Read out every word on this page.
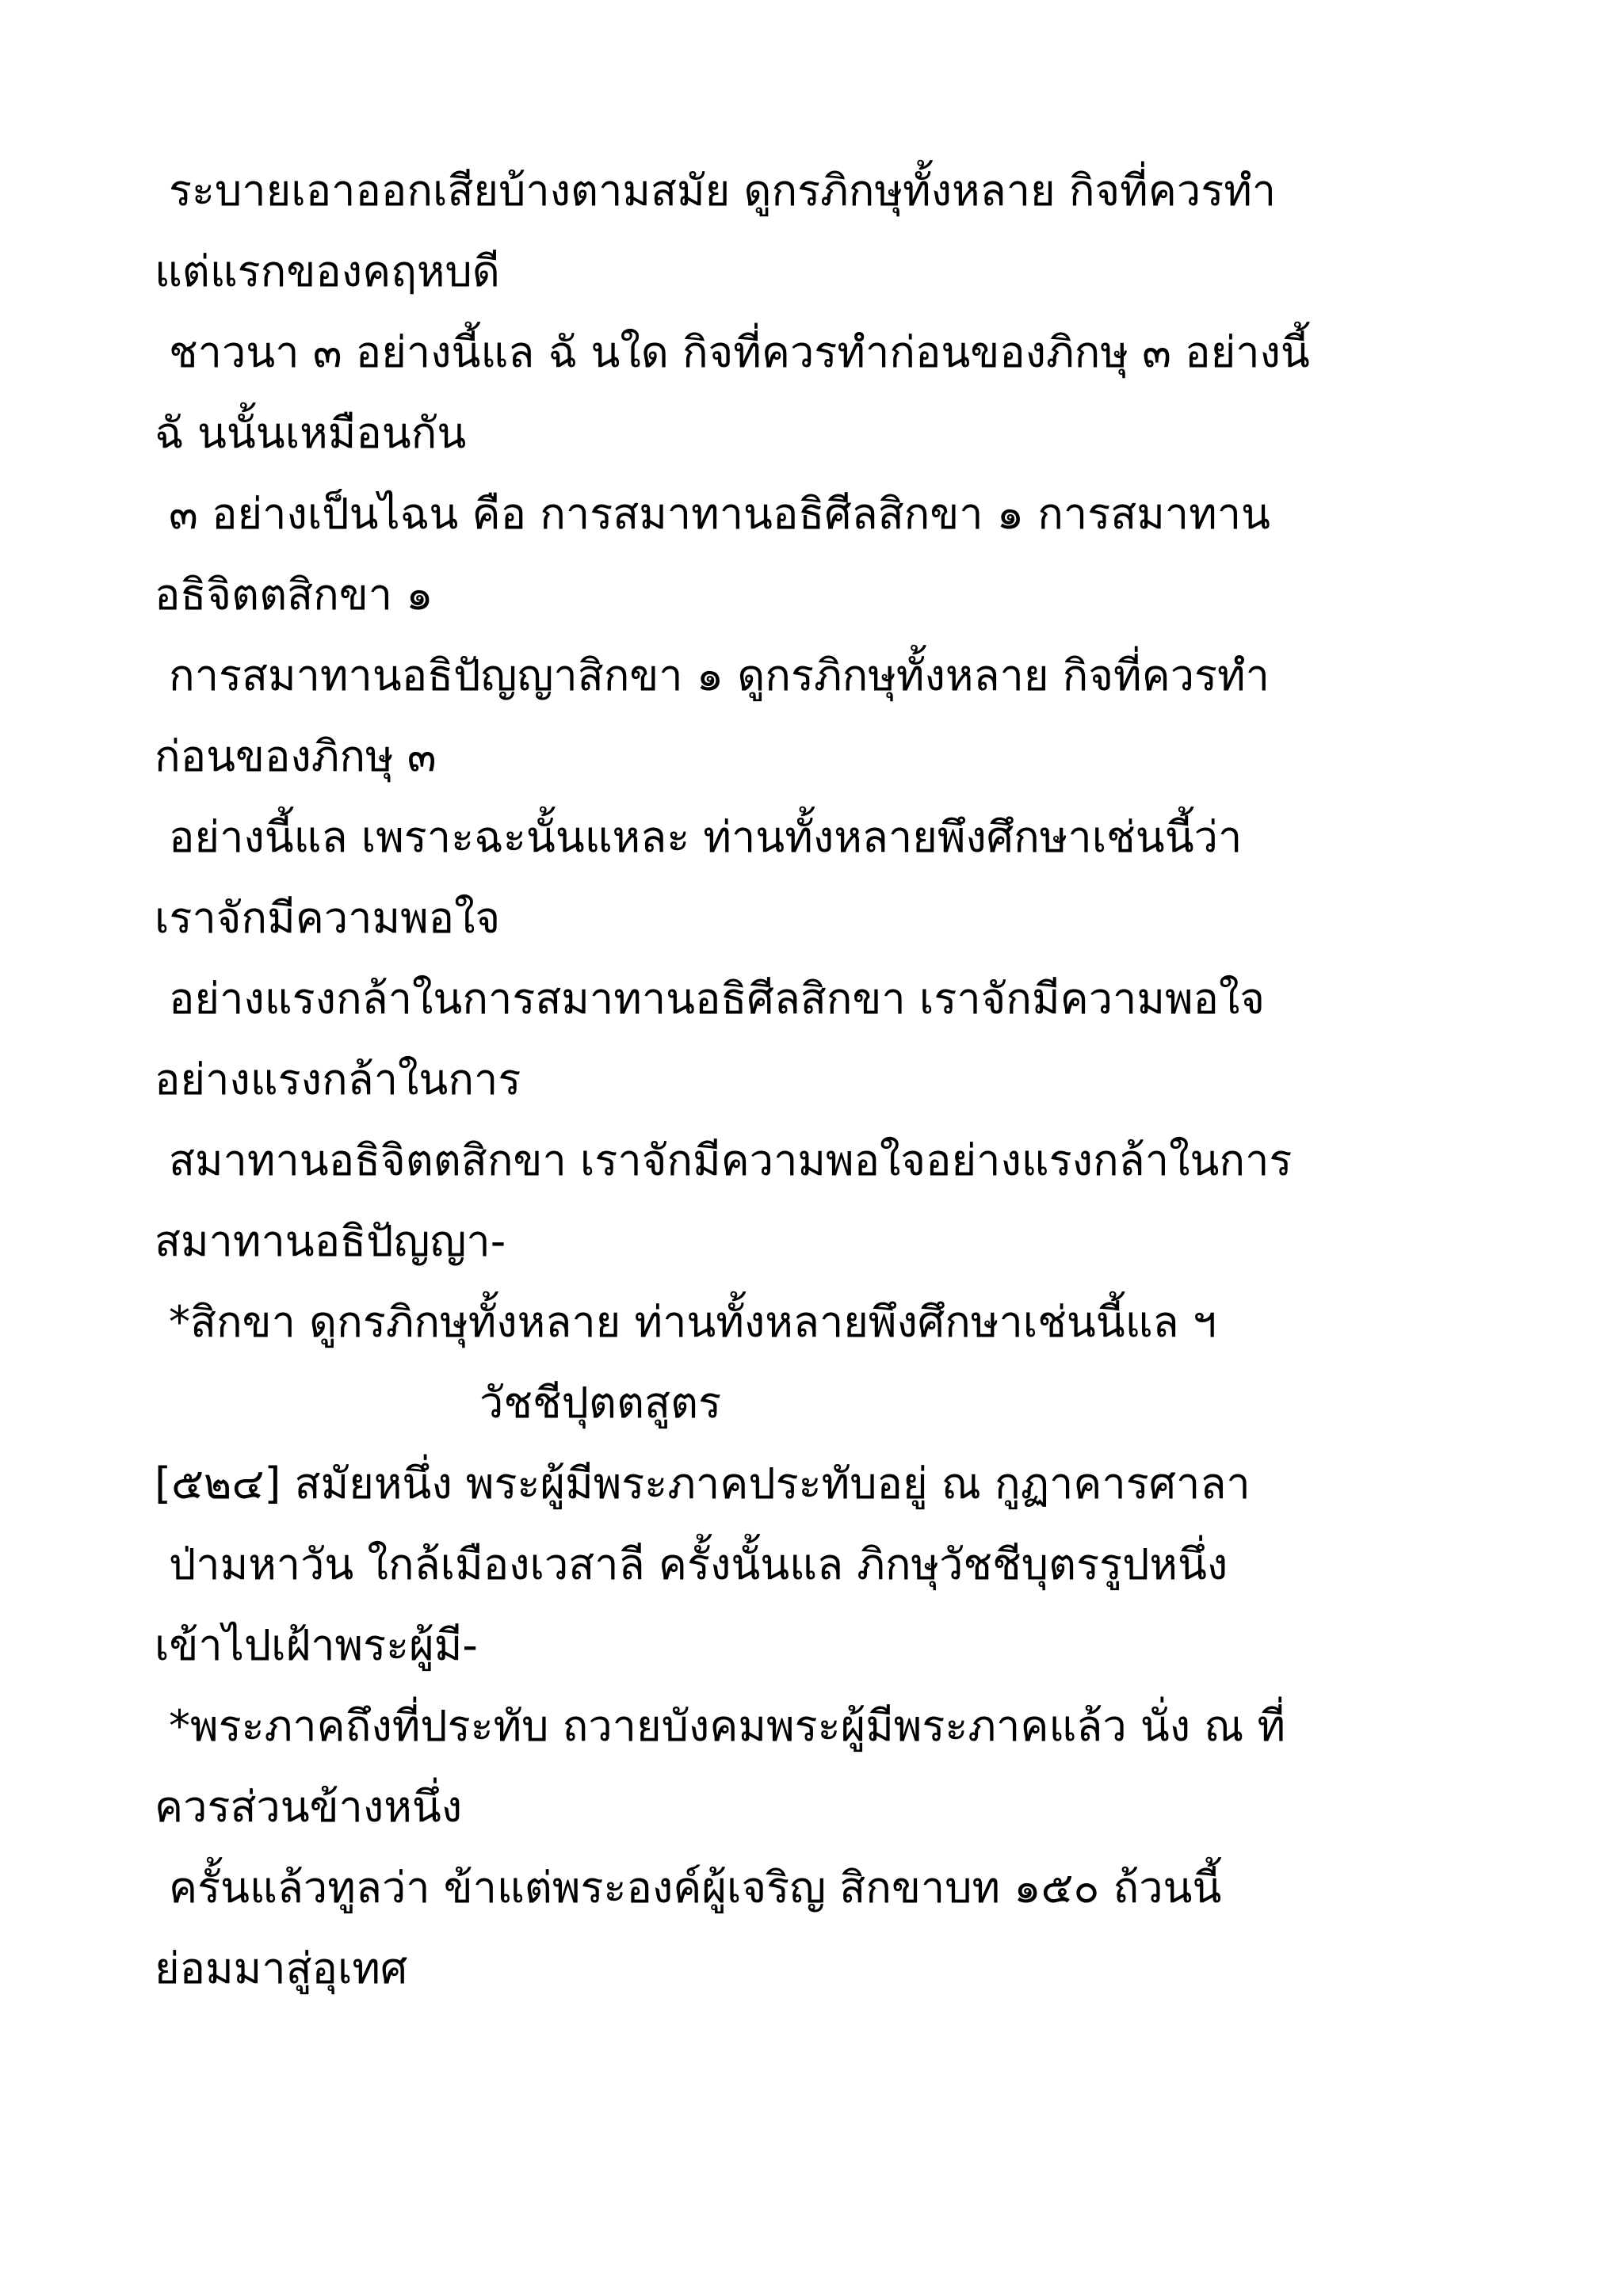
ระบายเอาออกเสียบ้างตามสมัย ดูกรภิกษุทั้งหลาย กิจที่ควรทำ
แต่แรกของคฤหบดี
ชาวนา ๓ อย่างนี้แล ฉั นใด กิจที่ควรทำก่อนของภิกษุ ๓ อย่างนี้
ฉั นนั้นเหมือนกัน
๓ อย่างเป็นไฉน คือ การสมาทานอธิศีลสิกขา ๑ การสมาทาน
อธิจิตตสิกขา ๑
การสมาทานอธิปัญญาสิกขา ๑ ดูกรภิกษุทั้งหลาย กิจที่ควรทำ
ก่อนของภิกษุ ๓
อย่างนี้แล เพราะฉะนั้นแหละ ท่านทั้งหลายพึงศึกษาเช่นนี้ว่า
เราจักมีความพอใจ
อย่างแรงกล้าในการสมาทานอธิศีลสิกขา เราจักมีความพอใจ
อย่างแรงกล้าในการ
สมาทานอธิจิตตสิกขา เราจักมีความพอใจอย่างแรงกล้าในการ
สมาทานอธิปัญญา-
*สิกขา ดูกรภิกษุทั้งหลาย ท่านทั้งหลายพึงศึกษาเช่นนี้แล ฯ
วัชชีปุตตสูตร
[๕๒๔] สมัยหนึ่ง พระผู้มีพระภาคประทับอยู่ ณ กูฏาคารศาลา
ป่ามหาวัน ใกล้เมืองเวสาลี ครั้งนั้นแล ภิกษุวัชชีบุตรรูปหนึ่ง
เข้าไปเฝ้าพระผู้มี-
*พระภาคถึงที่ประทับ ถวายบังคมพระผู้มีพระภาคแล้ว นั่ง ณ ที่
ควรส่วนข้างหนึ่ง
ครั้นแล้วทูลว่า ข้าแต่พระองค์ผู้เจริญ สิกขาบท ๑๕๐ ถ้วนนี้
ย่อมมาสู่อุเทศ
